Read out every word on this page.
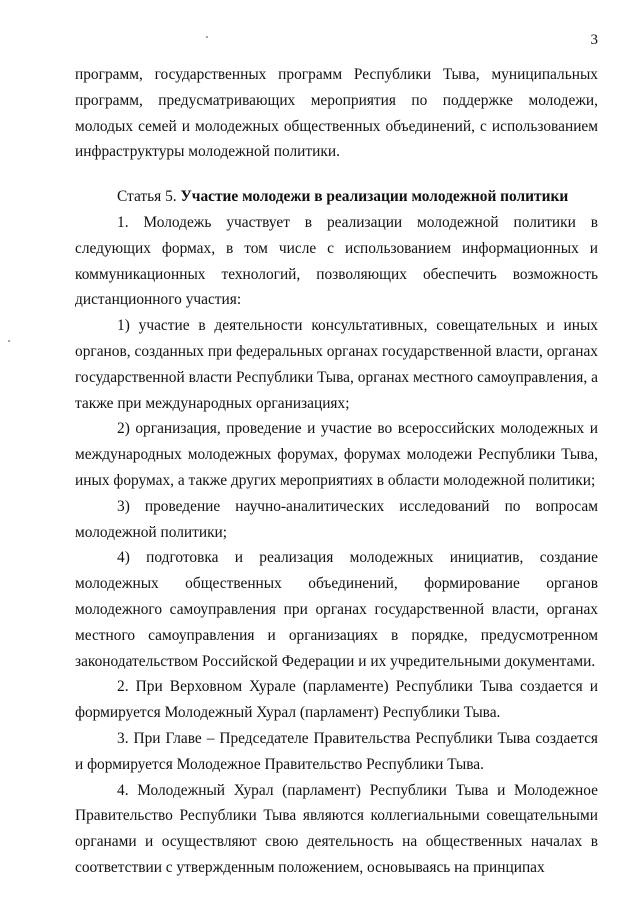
3

программ, государственных программ Республики Тыва, муниципальных программ, предусматривающих мероприятия по поддержке молодежи, молодых семей и молодежных общественных объединений, с использованием инфраструктуры молодежной политики.

Статья 5. Участие молодежи в реализации молодежной политики

1. Молодежь участвует в реализации молодежной политики в следующих формах, в том числе с использованием информационных и коммуникационных технологий, позволяющих обеспечить возможность дистанционного участия:

1) участие в деятельности консультативных, совещательных и иных органов, созданных при федеральных органах государственной власти, органах государственной власти Республики Тыва, органах местного самоуправления, а также при международных организациях;

2) организация, проведение и участие во всероссийских молодежных и международных молодежных форумах, форумах молодежи Республики Тыва, иных форумах, а также других мероприятиях в области молодежной политики;

3) проведение научно-аналитических исследований по вопросам молодежной политики;

4) подготовка и реализация молодежных инициатив, создание молодежных общественных объединений, формирование органов молодежного самоуправления при органах государственной власти, органах местного самоуправления и организациях в порядке, предусмотренном законодательством Российской Федерации и их учредительными документами.

2. При Верховном Хурале (парламенте) Республики Тыва создается и формируется Молодежный Хурал (парламент) Республики Тыва.

3. При Главе – Председателе Правительства Республики Тыва создается и формируется Молодежное Правительство Республики Тыва.

4. Молодежный Хурал (парламент) Республики Тыва и Молодежное Правительство Республики Тыва являются коллегиальными совещательными органами и осуществляют свою деятельность на общественных началах в соответствии с утвержденным положением, основываясь на принципах
